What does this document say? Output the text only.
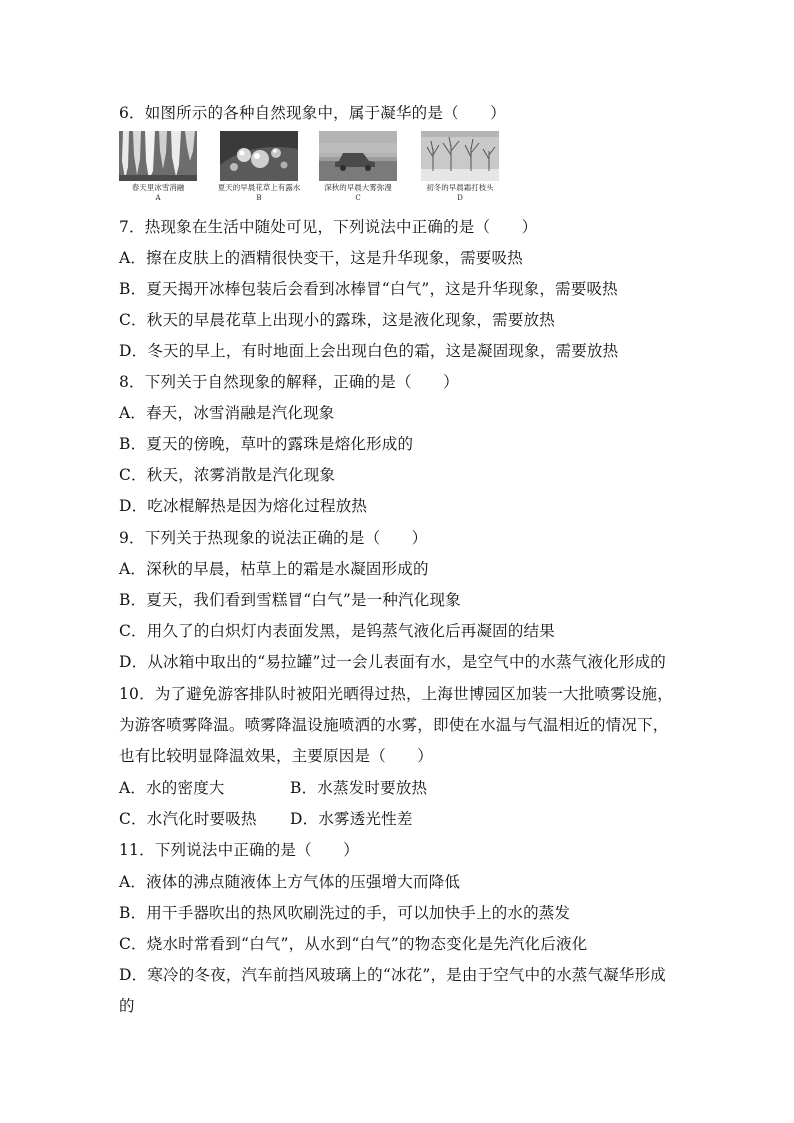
6．如图所示的各种自然现象中，属于凝华的是（　　）
春天里冰雪消融
A
夏天的早晨花草上有露水
B
深秋的早晨大雾弥漫
C
初冬的早晨霜打枝头
D
7．热现象在生活中随处可见，下列说法中正确的是（　　）
A．擦在皮肤上的酒精很快变干，这是升华现象，需要吸热
B．夏天揭开冰棒包装后会看到冰棒冒“白气”，这是升华现象，需要吸热
C．秋天的早晨花草上出现小的露珠，这是液化现象，需要放热
D．冬天的早上，有时地面上会出现白色的霜，这是凝固现象，需要放热
8．下列关于自然现象的解释，正确的是（　　）
A．春天，冰雪消融是汽化现象
B．夏天的傍晚，草叶的露珠是熔化形成的
C．秋天，浓雾消散是汽化现象
D．吃冰棍解热是因为熔化过程放热
9．下列关于热现象的说法正确的是（　　）
A．深秋的早晨，枯草上的霜是水凝固形成的
B．夏天，我们看到雪糕冒“白气”是一种汽化现象
C．用久了的白炽灯内表面发黑，是钨蒸气液化后再凝固的结果
D．从冰箱中取出的“易拉罐”过一会儿表面有水，是空气中的水蒸气液化形成的
10．为了避免游客排队时被阳光晒得过热，上海世博园区加装一大批喷雾设施，
为游客喷雾降温。喷雾降温设施喷洒的水雾，即使在水温与气温相近的情况下，
也有比较明显降温效果，主要原因是（　　）
A．水的密度大	B．水蒸发时要放热
C．水汽化时要吸热 D．水雾透光性差
11．下列说法中正确的是（　　）
A．液体的沸点随液体上方气体的压强增大而降低
B．用干手器吹出的热风吹刷洗过的手，可以加快手上的水的蒸发
C．烧水时常看到“白气”，从水到“白气”的物态变化是先汽化后液化
D．寒冷的冬夜，汽车前挡风玻璃上的“冰花”，是由于空气中的水蒸气凝华形成
的
